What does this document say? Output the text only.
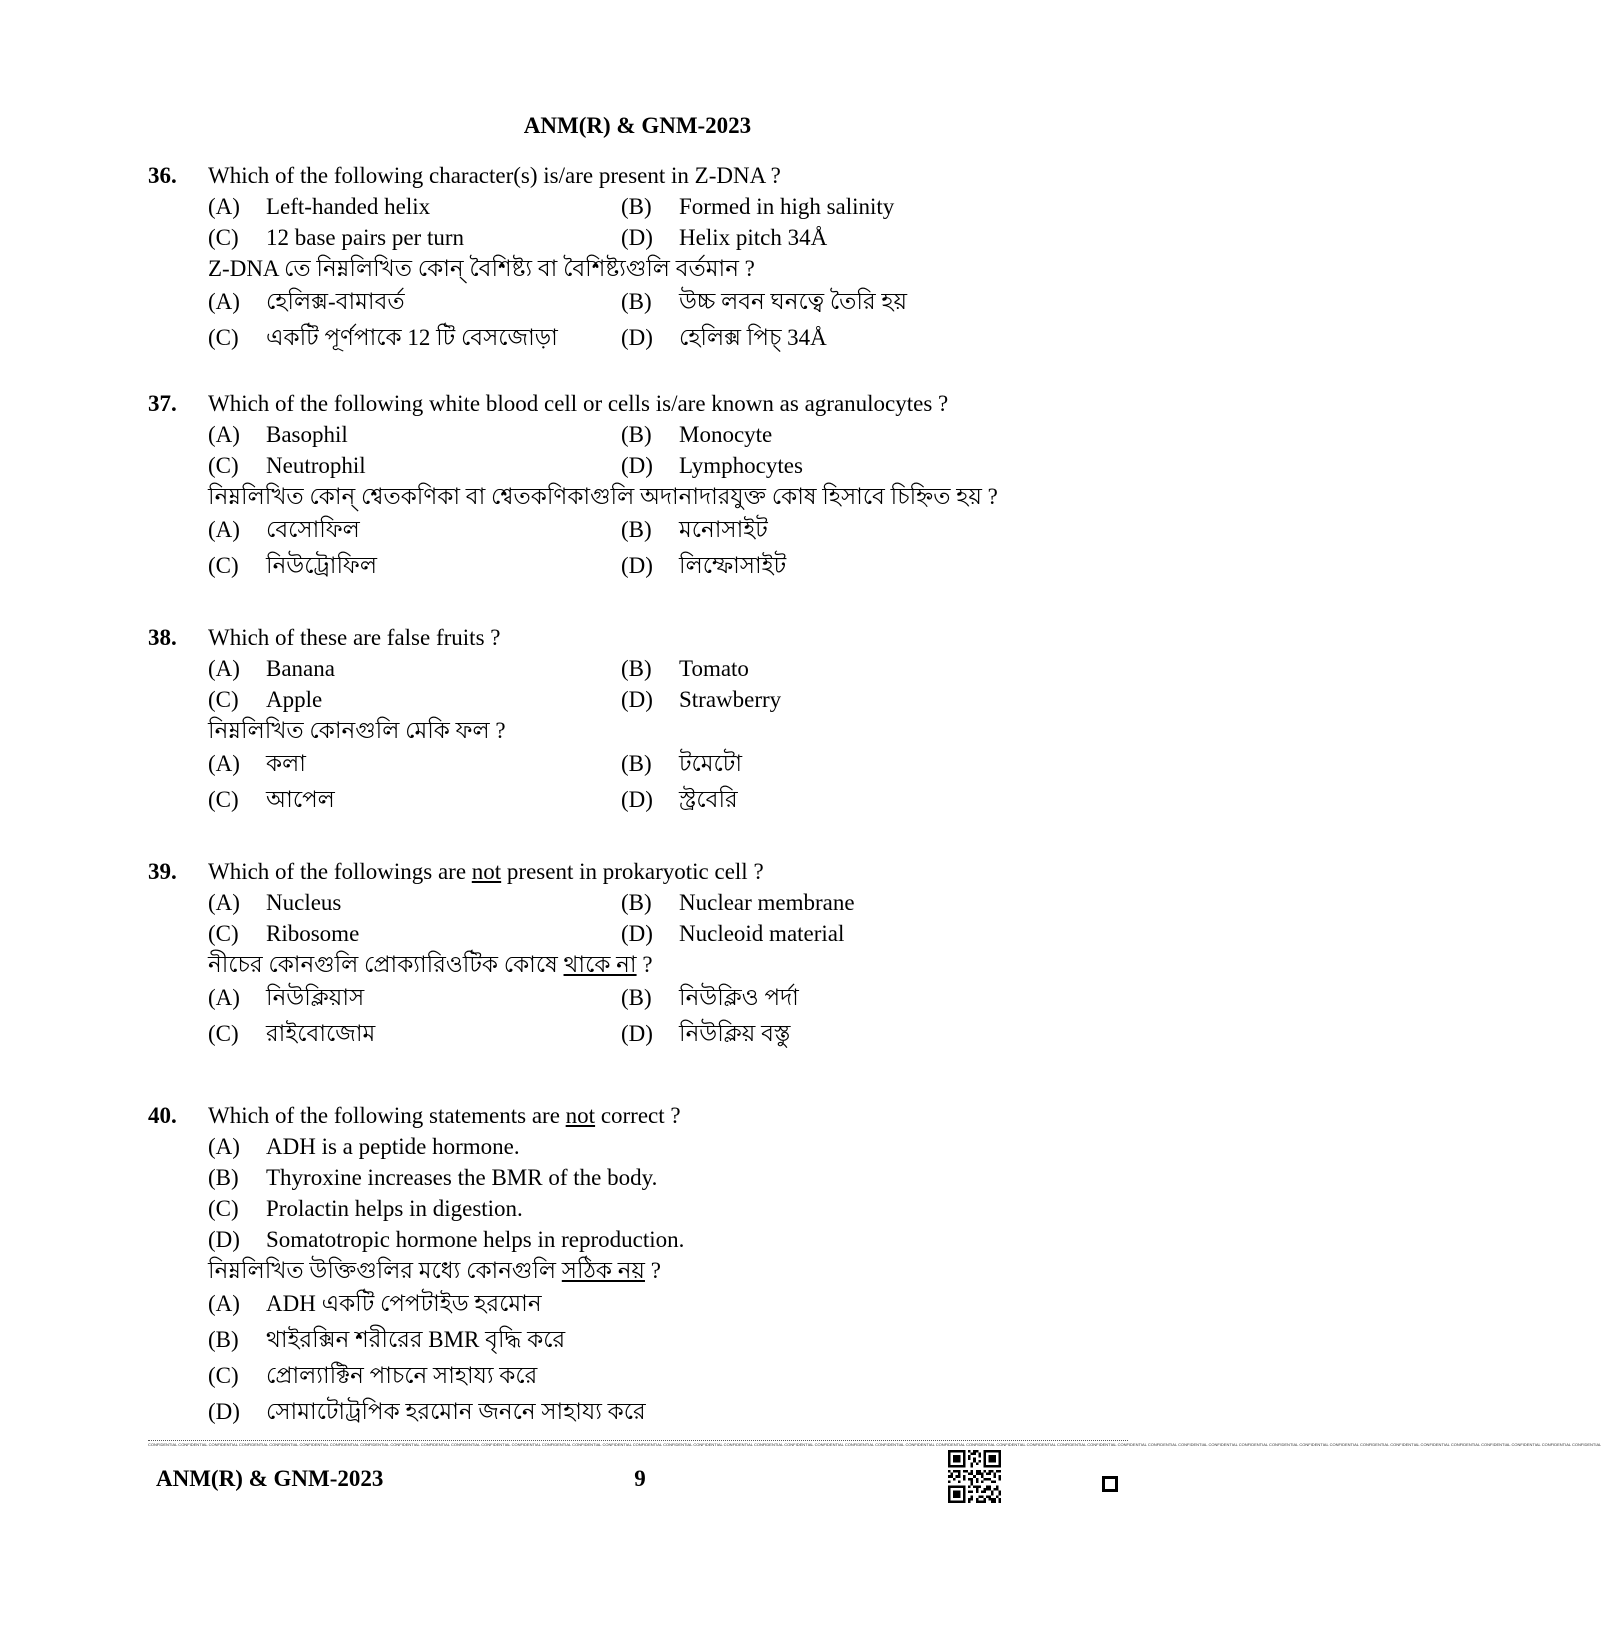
ANM(R) & GNM-2023
36. Which of the following character(s) is/are present in Z-DNA ?
(A) Left-handed helix	(B) Formed in high salinity
(C) 12 base pairs per turn	(D) Helix pitch 34Å
Z-DNA তে নিম্নলিখিত কোন্ বৈশিষ্ট্য বা বৈশিষ্ট্যগুলি বর্তমান ?
(A) হেলিক্স-বামাবর্ত	(B) উচ্চ লবন ঘনত্বে তৈরি হয়
(C) একটি পূর্ণপাকে 12 টি বেসজোড়া	(D) হেলিক্স পিচ্ 34Å
37. Which of the following white blood cell or cells is/are known as agranulocytes ?
(A) Basophil	(B) Monocyte
(C) Neutrophil	(D) Lymphocytes
নিম্নলিখিত কোন্ শ্বেতকণিকা বা শ্বেতকণিকাগুলি অদানাদারযুক্ত কোষ হিসাবে চিহ্নিত হয় ?
(A) বেসোফিল	(B) মনোসাইট
(C) নিউট্রোফিল	(D) লিম্ফোসাইট
38. Which of these are false fruits ?
(A) Banana	(B) Tomato
(C) Apple	(D) Strawberry
নিম্নলিখিত কোনগুলি মেকি ফল ?
(A) কলা	(B) টমেটো
(C) আপেল	(D) স্ট্রবেরি
39. Which of the followings are not present in prokaryotic cell ?
(A) Nucleus	(B) Nuclear membrane
(C) Ribosome	(D) Nucleoid material
নীচের কোনগুলি প্রোক্যারিওটিক কোষে থাকে না ?
(A) নিউক্লিয়াস	(B) নিউক্লিও পর্দা
(C) রাইবোজোম	(D) নিউক্লিয় বস্তু
40. Which of the following statements are not correct ?
(A) ADH is a peptide hormone.
(B) Thyroxine increases the BMR of the body.
(C) Prolactin helps in digestion.
(D) Somatotropic hormone helps in reproduction.
নিম্নলিখিত উক্তিগুলির মধ্যে কোনগুলি সঠিক নয় ?
(A) ADH একটি পেপটাইড হরমোন
(B) থাইরক্সিন শরীরের BMR বৃদ্ধি করে
(C) প্রোল্যাক্টিন পাচনে সাহায্য করে
(D) সোমাটোট্রপিক হরমোন জননে সাহায্য করে
CONFIDENTIAL CONFIDENTIAL CONFIDENTIAL CONFIDENTIAL CONFIDENTIAL CONFIDENTIAL CONFIDENTIAL CONFIDENTIAL CONFIDENTIAL CONFIDENTIAL CONFIDENTIAL CONFIDENTIAL CONFIDENTIAL CONFIDENTIAL CONFIDENTIAL CONFIDENTIAL CONFIDENTIAL CONFIDENTIAL CONFIDENTIAL CONFIDENTIAL CONFIDENTIAL CONFIDENTIAL CONFIDENTIAL CONFIDENTIAL CONFIDENTIAL CONFIDENTIAL CONFIDENTIAL CONFIDENTIAL CONFIDENTIAL CONFIDENTIAL CONFIDENTIAL CONFIDENTIAL CONFIDENTIAL CONFIDENTIAL CONFIDENTIAL CONFIDENTIAL CONFIDENTIAL CONFIDENTIAL CONFIDENTIAL CONFIDENTIAL CONFIDENTIAL CONFIDENTIAL CONFIDENTIAL CONFIDENTIAL CONFIDENTIAL CONFIDENTIAL CONFIDENTIAL CONFIDENTIAL
ANM(R) & GNM-2023	9
